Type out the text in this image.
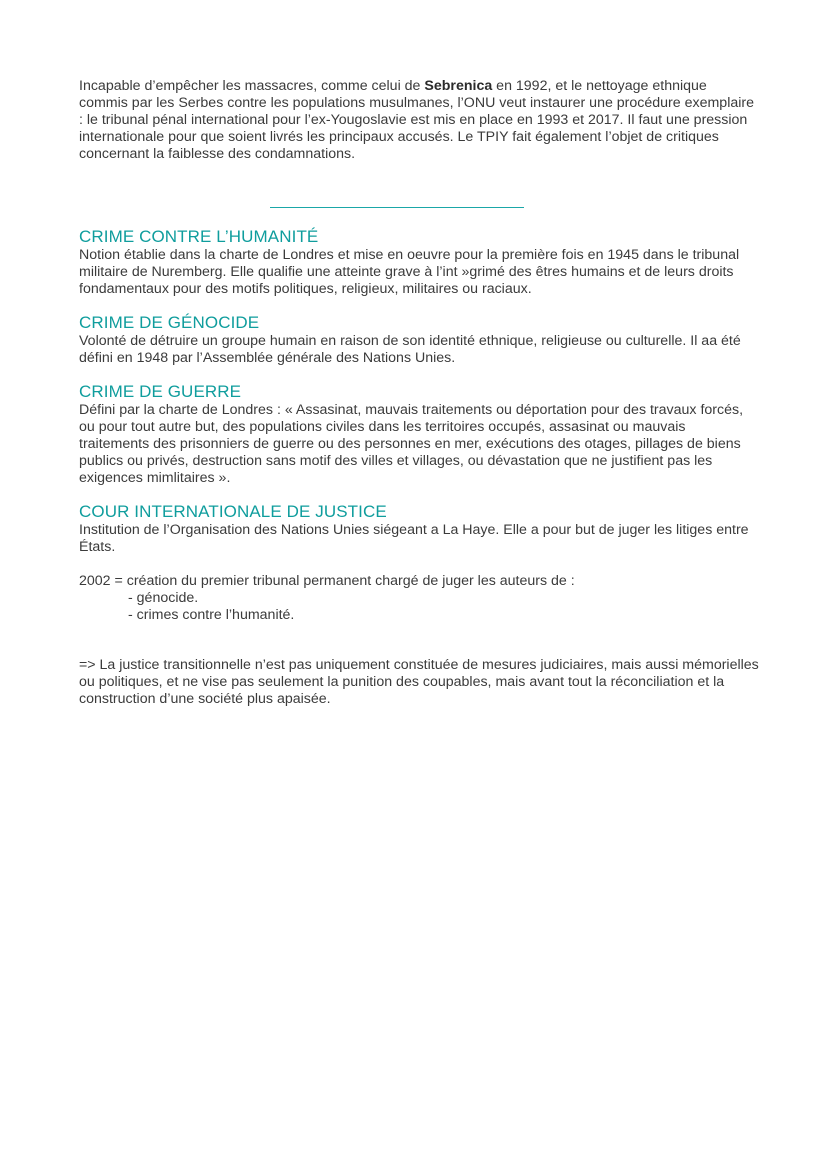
Incapable d’empêcher les massacres, comme celui de Sebrenica en 1992, et le nettoyage ethnique commis par les Serbes contre les populations musulmanes, l’ONU veut instaurer une procédure exemplaire : le tribunal pénal international pour l’ex-Yougoslavie est mis en place en 1993 et 2017. Il faut une pression internationale pour que soient livrés les principaux accusés. Le TPIY fait également l’objet de critiques concernant la faiblesse des condamnations.

CRIME CONTRE L’HUMANITÉ

Notion établie dans la charte de Londres et mise en oeuvre pour la première fois en 1945 dans le tribunal militaire de Nuremberg. Elle qualifie une atteinte grave à l’int »grimé des êtres humains et de leurs droits fondamentaux pour des motifs politiques, religieux, militaires ou raciaux.

CRIME DE GÉNOCIDE

Volonté de détruire un groupe humain en raison de son identité ethnique, religieuse ou culturelle. Il aa été défini en 1948 par l’Assemblée générale des Nations Unies.

CRIME DE GUERRE

Défini par la charte de Londres : « Assasinat, mauvais traitements ou déportation pour des travaux forcés, ou pour tout autre but, des populations civiles dans les territoires occupés, assasinat ou mauvais traitements des prisonniers de guerre ou des personnes en mer, exécutions des otages, pillages de biens publics ou privés, destruction sans motif des villes et villages, ou dévastation que ne justifient pas les exigences mimlitaires ».

COUR INTERNATIONALE DE JUSTICE

Institution de l’Organisation des Nations Unies siégeant a La Haye. Elle a pour but de juger les litiges entre États.

2002 = création du premier tribunal permanent chargé de juger les auteurs de :

- génocide.

- crimes contre l’humanité.

=> La justice transitionnelle n’est pas uniquement constituée de mesures judiciaires, mais aussi mémorielles ou politiques, et ne vise pas seulement la punition des coupables, mais avant tout la réconciliation et la construction d’une société plus apaisée.
